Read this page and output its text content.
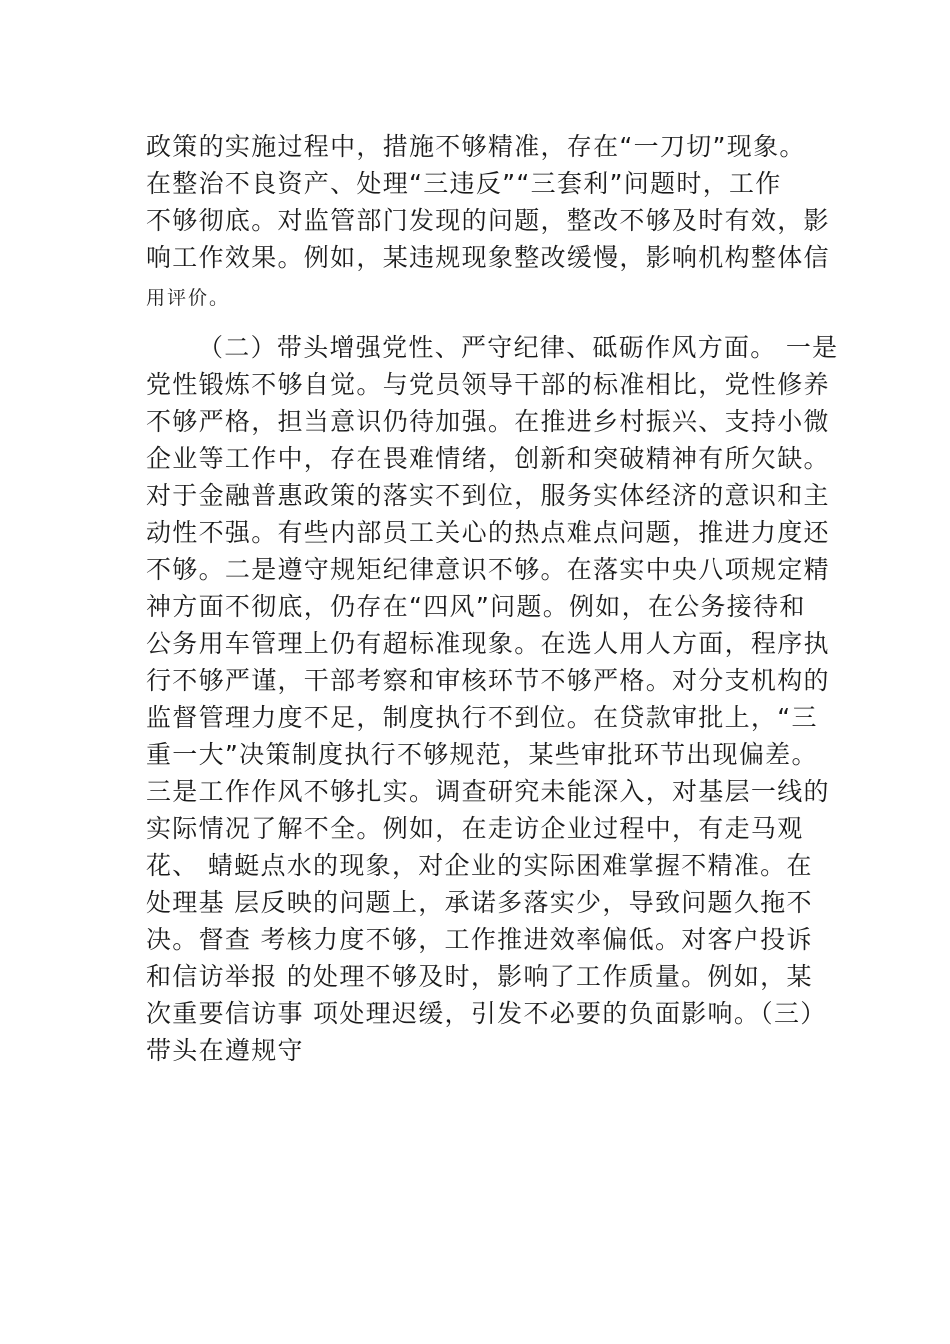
政策的实施过程中，措施不够精准，存在“一刀切”现象。
在整治不良资产、处理“三违反”“三套利”问题时，工作
不够彻底。对监管部门发现的问题，整改不够及时有效，影
响工作效果。例如，某违规现象整改缓慢，影响机构整体信
用评价。
（二）带头增强党性、严守纪律、砥砺作风方面。 一是
党性锻炼不够自觉。与党员领导干部的标准相比，党性修养
不够严格，担当意识仍待加强。在推进乡村振兴、支持小微
企业等工作中，存在畏难情绪，创新和突破精神有所欠缺。
对于金融普惠政策的落实不到位，服务实体经济的意识和主
动性不强。有些内部员工关心的热点难点问题，推进力度还
不够。二是遵守规矩纪律意识不够。在落实中央八项规定精
神方面不彻底，仍存在“四风”问题。例如，在公务接待和
公务用车管理上仍有超标准现象。在选人用人方面，程序执
行不够严谨，干部考察和审核环节不够严格。对分支机构的
监督管理力度不足，制度执行不到位。在贷款审批上，“三
重一大”决策制度执行不够规范，某些审批环节出现偏差。
三是工作作风不够扎实。调查研究未能深入，对基层一线的
实际情况了解不全。例如，在走访企业过程中，有走马观
花、 蜻蜓点水的现象，对企业的实际困难掌握不精准。在
处理基 层反映的问题上，承诺多落实少，导致问题久拖不
决。督查 考核力度不够，工作推进效率偏低。对客户投诉
和信访举报 的处理不够及时，影响了工作质量。例如，某
次重要信访事 项处理迟缓，引发不必要的负面影响。（三）
带头在遵规守
